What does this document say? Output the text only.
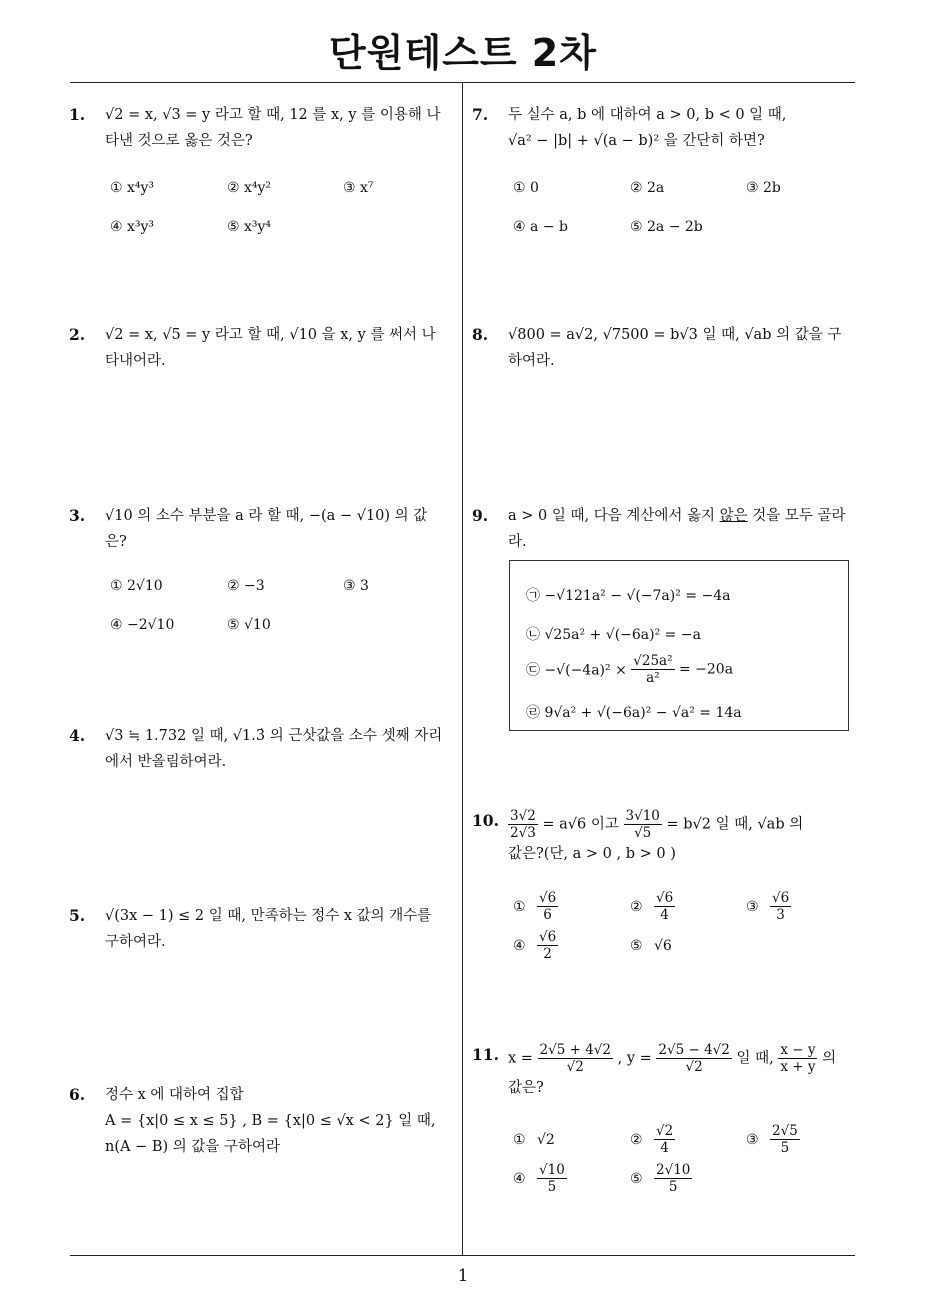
단원테스트 2차
1
1. √2 = x, √3 = y 라고 할 때, 12 를 x, y 를 이용해 나타낸 것으로 옳은 것은?
① x⁴y³	② x⁴y²	③ x⁷
④ x³y³	⑤ x³y⁴
2. √2 = x, √5 = y 라고 할 때, √10 을 x, y 를 써서 나타내어라.
3. √10 의 소수 부분을 a 라 할 때, −(a − √10) 의 값은?
① 2√10	② −3	③ 3
④ −2√10	⑤ √10
4. √3 ≒ 1.732 일 때, √1.3̇ 의 근삿값을 소수 셋째 자리에서 반올림하여라.
5. √(3x − 1) ≤ 2 일 때, 만족하는 정수 x 값의 개수를 구하여라.
6. 정수 x 에 대하여 집합
A = {x|0 ≤ x ≤ 5} , B = {x|0 ≤ √x < 2} 일 때,
n(A − B) 의 값을 구하여라
7. 두 실수 a, b 에 대하여 a > 0, b < 0 일 때,
√a² − |b| + √(a − b)² 을 간단히 하면?
① 0	② 2a	③ 2b
④ a − b	⑤ 2a − 2b
8. √800 = a√2, √7500 = b√3 일 때, √ab 의 값을 구하여라.
9. a > 0 일 때, 다음 계산에서 옳지 않은 것을 모두 골라라.
㉠ −√121a² − √(−7a)² = −4a
㉡ √25a² + √(−6a)² = −a
㉢ $-√(-4a)^2 \times \frac{\text{√25a²}}{\text{a²}} = -20a$
㉣ 9√a² + √(−6a)² − √a² = 14a
10. $\frac{3√2}{2√3} = a√6$ 이고 $\frac{3√10}{√5} = b√2$ 일 때, √ab 의
값은?(단, a > 0 , b > 0 )
① $\frac{√6}{6}$	② $\frac{√6}{4}$	③ $\frac{√6}{3}$
④ $\frac{√6}{2}$	⑤ √6
11. $x = \frac{2√5 + 4√2}{√2}$ , $y = \frac{2√5 - 4√2}{√2}$ 일 때, $\frac{x - y}{x + y}$ 의
값은?
① √2	② $\frac{√2}{4}$	③ $\frac{2√5}{5}$
④ $\frac{√10}{5}$	⑤ $\frac{2√10}{5}$
